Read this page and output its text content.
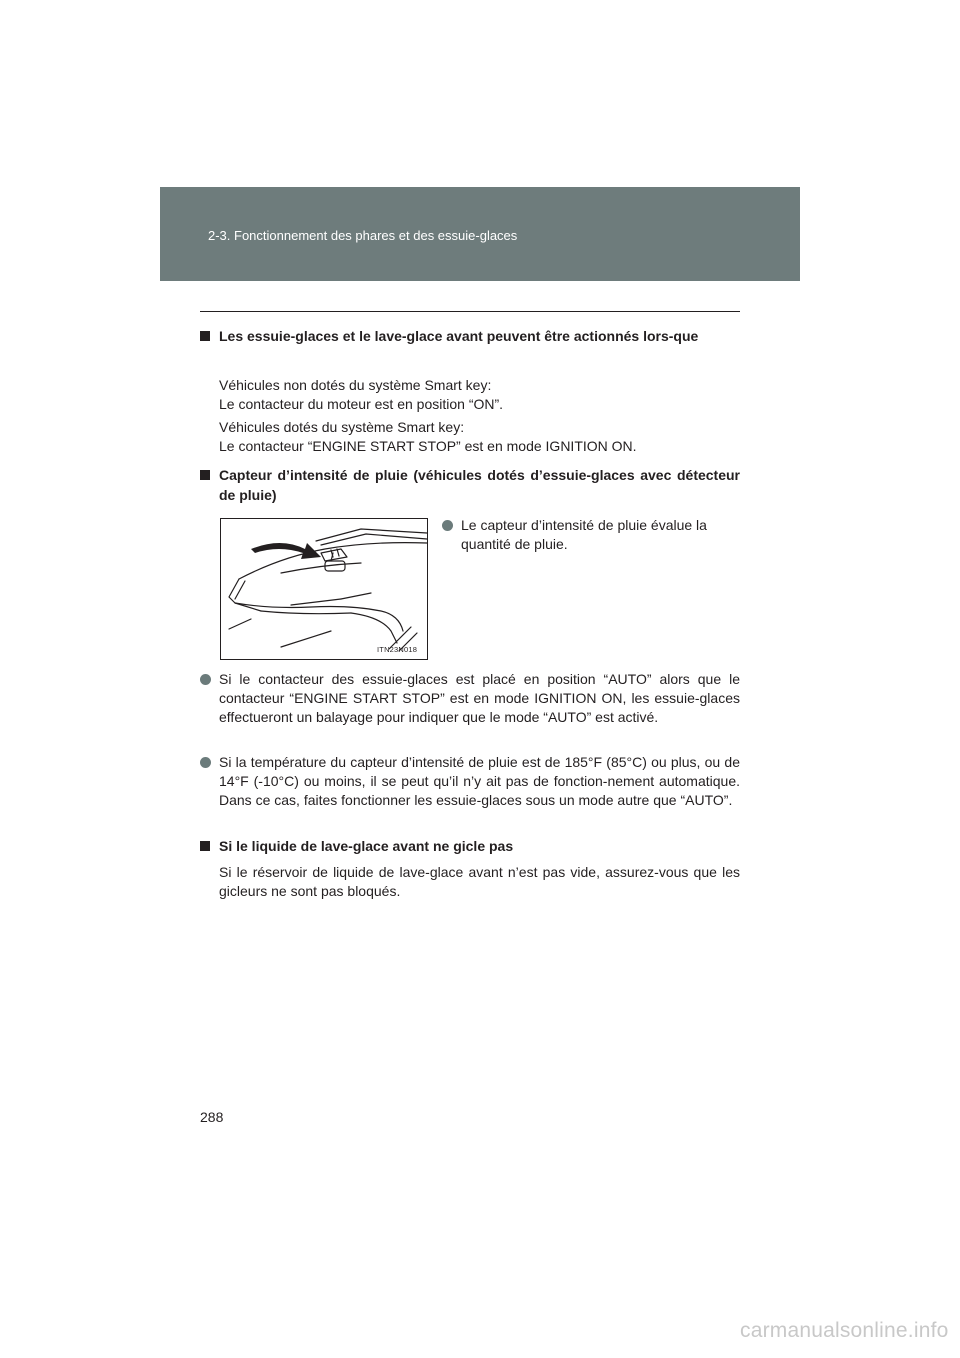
2-3. Fonctionnement des phares et des essuie-glaces
Les essuie-glaces et le lave-glace avant peuvent être actionnés lors-que
Véhicules non dotés du système Smart key:
Le contacteur du moteur est en position “ON”.
Véhicules dotés du système Smart key:
Le contacteur “ENGINE START STOP” est en mode IGNITION ON.
Capteur d’intensité de pluie (véhicules dotés d’essuie-glaces avec détecteur de pluie)
ITN23N018
Le capteur d’intensité de pluie évalue la quantité de pluie.
Si le contacteur des essuie-glaces est placé en position “AUTO” alors que le contacteur “ENGINE START STOP” est en mode IGNITION ON, les essuie-glaces effectueront un balayage pour indiquer que le mode “AUTO” est activé.
Si la température du capteur d’intensité de pluie est de 185°F (85°C) ou plus, ou de 14°F (-10°C) ou moins, il se peut qu’il n’y ait pas de fonction-nement automatique. Dans ce cas, faites fonctionner les essuie-glaces sous un mode autre que “AUTO”.
Si le liquide de lave-glace avant ne gicle pas
Si le réservoir de liquide de lave-glace avant n’est pas vide, assurez-vous que les gicleurs ne sont pas bloqués.
288
carmanualsonline.info
